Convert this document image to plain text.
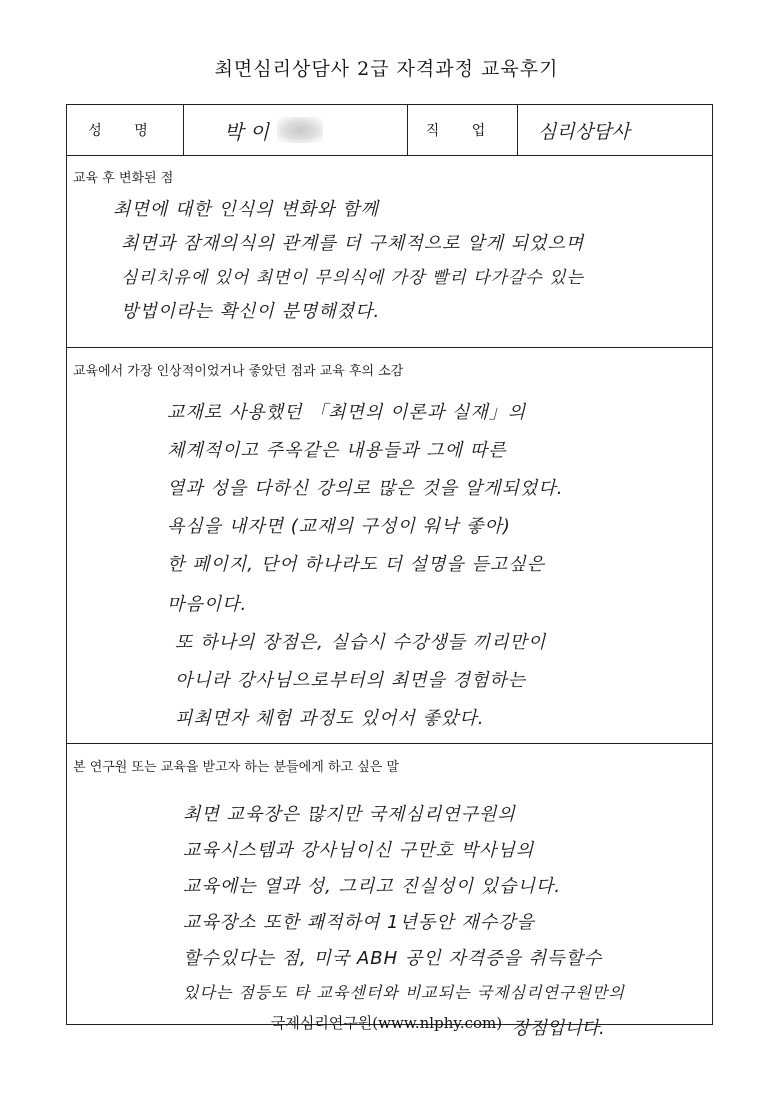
최면심리상담사 2급 자격과정 교육후기
성 명	박 이	직 업	심리상담사
교육 후 변화된 점
최면에 대한 인식의 변화와 함께
최면과 잠재의식의 관계를 더 구체적으로 알게 되었으며
심리치유에 있어 최면이 무의식에 가장 빨리 다가갈수 있는
방법이라는 확신이 분명해졌다.
교육에서 가장 인상적이었거나 좋았던 점과 교육 후의 소감
교재로 사용했던 「최면의 이론과 실재」의
체계적이고 주옥같은 내용들과 그에 따른
열과 성을 다하신 강의로 많은 것을 알게되었다.
욕심을 내자면 (교재의 구성이 워낙 좋아)
한 페이지, 단어 하나라도 더 설명을 듣고싶은
마음이다.
또 하나의 장점은, 실습시 수강생들 끼리만이
아니라 강사님으로부터의 최면을 경험하는
피최면자 체험 과정도 있어서 좋았다.
본 연구원 또는 교육을 받고자 하는 분들에게 하고 싶은 말
최면 교육장은 많지만 국제심리연구원의
교육시스템과 강사님이신 구만호 박사님의
교육에는 열과 성, 그리고 진실성이 있습니다.
교육장소 또한 쾌적하여 1년동안 재수강을
할수있다는 점, 미국 ABH 공인 자격증을 취득할수
있다는 점등도 타 교육센터와 비교되는 국제심리연구원만의
국제심리연구원(www.nlphy.com) 장점입니다.
